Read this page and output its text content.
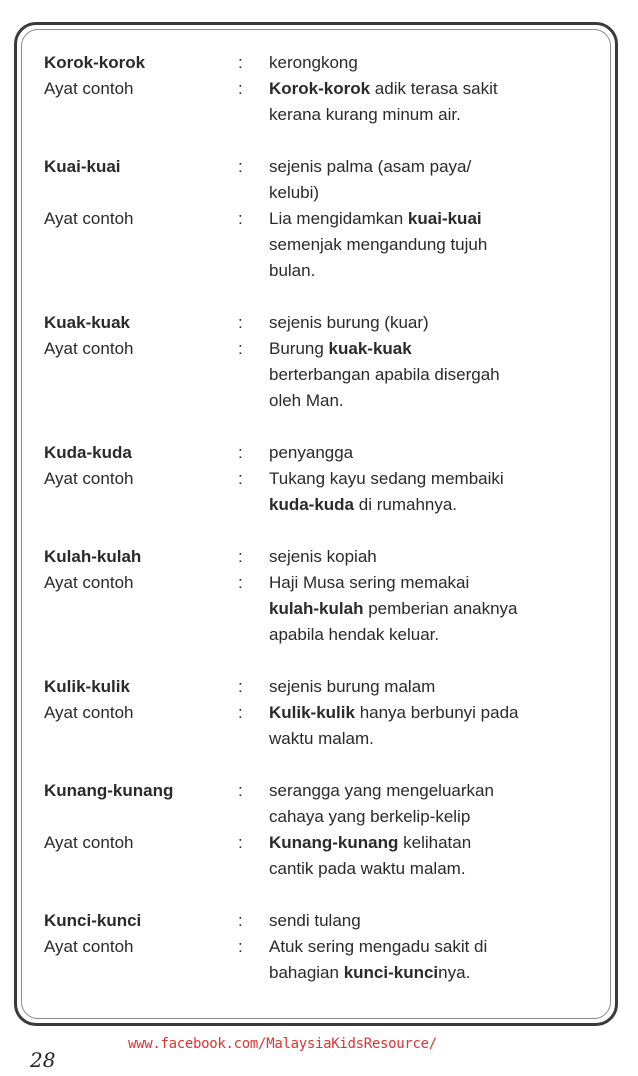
Korok-korok	:	kerongkong
Ayat contoh	:	Korok-korok adik terasa sakit
kerana kurang minum air.
Kuai-kuai	:	sejenis palma (asam paya/
kelubi)
Ayat contoh	:	Lia mengidamkan kuai-kuai
semenjak mengandung tujuh
bulan.
Kuak-kuak	:	sejenis burung (kuar)
Ayat contoh	:	Burung kuak-kuak
berterbangan apabila disergah
oleh Man.
Kuda-kuda	:	penyangga
Ayat contoh	:	Tukang kayu sedang membaiki
kuda-kuda di rumahnya.
Kulah-kulah	:	sejenis kopiah
Ayat contoh	:	Haji Musa sering memakai
kulah-kulah pemberian anaknya
apabila hendak keluar.
Kulik-kulik	:	sejenis burung malam
Ayat contoh	:	Kulik-kulik hanya berbunyi pada
waktu malam.
Kunang-kunang	:	serangga yang mengeluarkan
cahaya yang berkelip-kelip
Ayat contoh	:	Kunang-kunang kelihatan
cantik pada waktu malam.
Kunci-kunci	:	sendi tulang
Ayat contoh	:	Atuk sering mengadu sakit di
bahagian kunci-kuncinya.
www.facebook.com/MalaysiaKidsResource/
28
